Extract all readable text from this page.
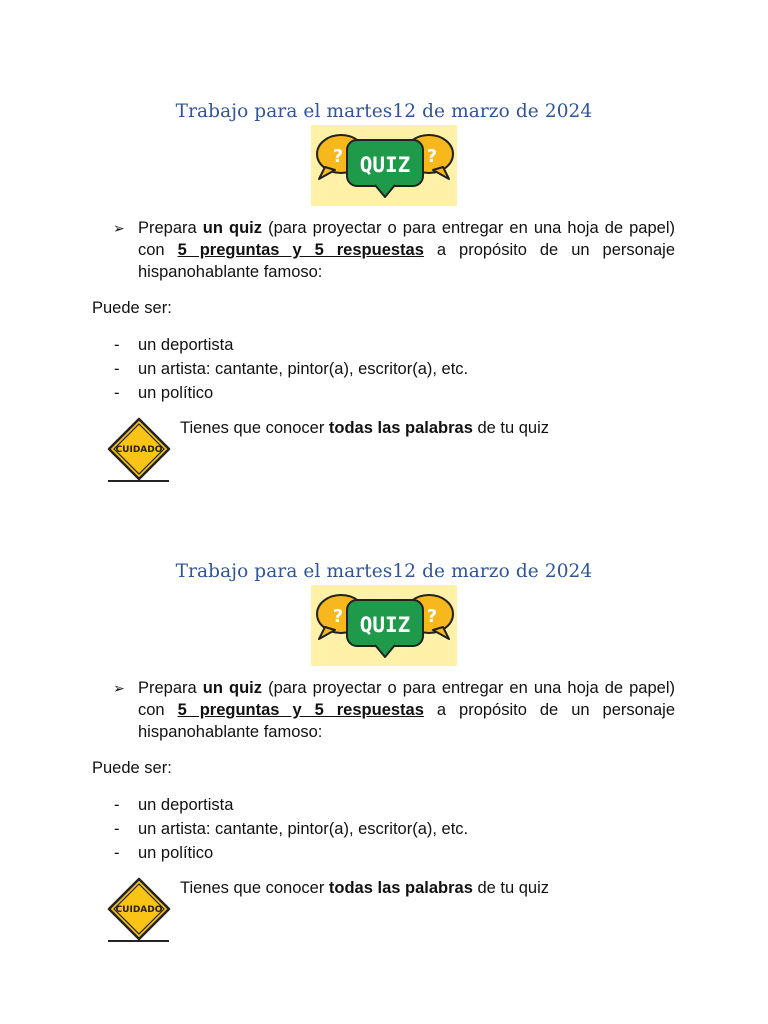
Trabajo para el martes12 de marzo de 2024
?	?
QUIZ
➢ Prepara un quiz (para proyectar o para entregar en una hoja de papel) con 5 preguntas y 5 respuestas a propósito de un personaje hispanohablante famoso:
Puede ser:
- un deportista
- un artista: cantante, pintor(a), escritor(a), etc.
- un político
CUIDADO
Tienes que conocer todas las palabras de tu quiz
Trabajo para el martes12 de marzo de 2024
?	?
QUIZ
➢ Prepara un quiz (para proyectar o para entregar en una hoja de papel) con 5 preguntas y 5 respuestas a propósito de un personaje hispanohablante famoso:
Puede ser:
- un deportista
- un artista: cantante, pintor(a), escritor(a), etc.
- un político
CUIDADO
Tienes que conocer todas las palabras de tu quiz
